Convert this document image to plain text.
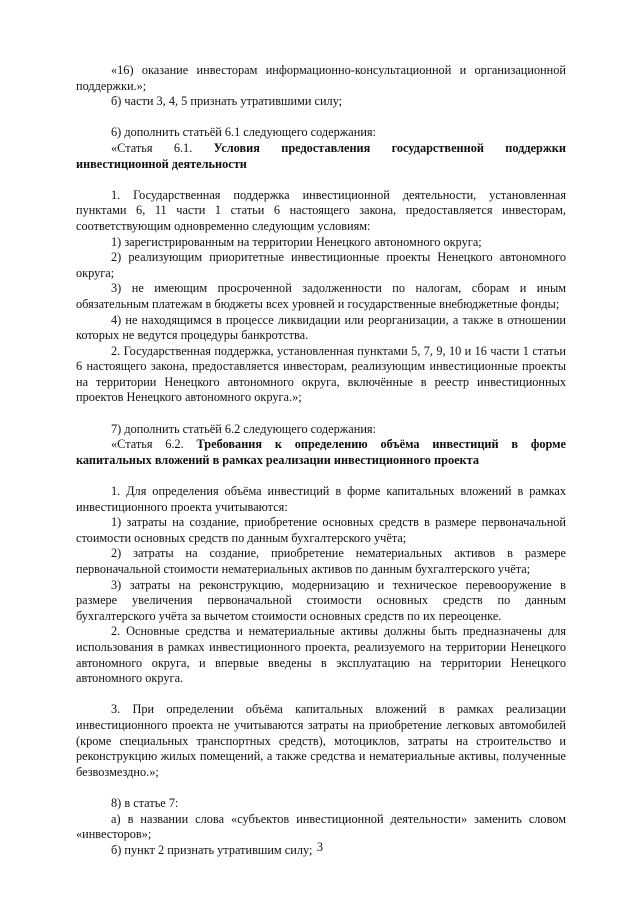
«16) оказание инвесторам информационно-консультационной и организационной поддержки.»;

б) части 3, 4, 5 признать утратившими силу;

6) дополнить статьёй 6.1 следующего содержания:

«Статья 6.1. Условия предоставления государственной поддержки инвестиционной деятельности

1. Государственная поддержка инвестиционной деятельности, установленная пунктами 6, 11 части 1 статьи 6 настоящего закона, предоставляется инвесторам, соответствующим одновременно следующим условиям:

1) зарегистрированным на территории Ненецкого автономного округа;

2) реализующим приоритетные инвестиционные проекты Ненецкого автономного округа;

3) не имеющим просроченной задолженности по налогам, сборам и иным обязательным платежам в бюджеты всех уровней и государственные внебюджетные фонды;

4) не находящимся в процессе ликвидации или реорганизации, а также в отношении которых не ведутся процедуры банкротства.

2. Государственная поддержка, установленная пунктами 5, 7, 9, 10 и 16 части 1 статьи 6 настоящего закона, предоставляется инвесторам, реализующим инвестиционные проекты на территории Ненецкого автономного округа, включённые в реестр инвестиционных проектов Ненецкого автономного округа.»;

7) дополнить статьёй 6.2 следующего содержания:

«Статья 6.2. Требования к определению объёма инвестиций в форме капитальных вложений в рамках реализации инвестиционного проекта

1. Для определения объёма инвестиций в форме капитальных вложений в рамках инвестиционного проекта учитываются:

1) затраты на создание, приобретение основных средств в размере первоначальной стоимости основных средств по данным бухгалтерского учёта;

2) затраты на создание, приобретение нематериальных активов в размере первоначальной стоимости нематериальных активов по данным бухгалтерского учёта;

3) затраты на реконструкцию, модернизацию и техническое перевооружение в размере увеличения первоначальной стоимости основных средств по данным бухгалтерского учёта за вычетом стоимости основных средств по их переоценке.

2. Основные средства и нематериальные активы должны быть предназначены для использования в рамках инвестиционного проекта, реализуемого на территории Ненецкого автономного округа, и впервые введены в эксплуатацию на территории Ненецкого автономного округа.

3. При определении объёма капитальных вложений в рамках реализации инвестиционного проекта не учитываются затраты на приобретение легковых автомобилей (кроме специальных транспортных средств), мотоциклов, затраты на строительство и реконструкцию жилых помещений, а также средства и нематериальные активы, полученные безвозмездно.»;

8) в статье 7:

а) в названии слова «субъектов инвестиционной деятельности» заменить словом «инвесторов»;

б) пункт 2 признать утратившим силу; 3
